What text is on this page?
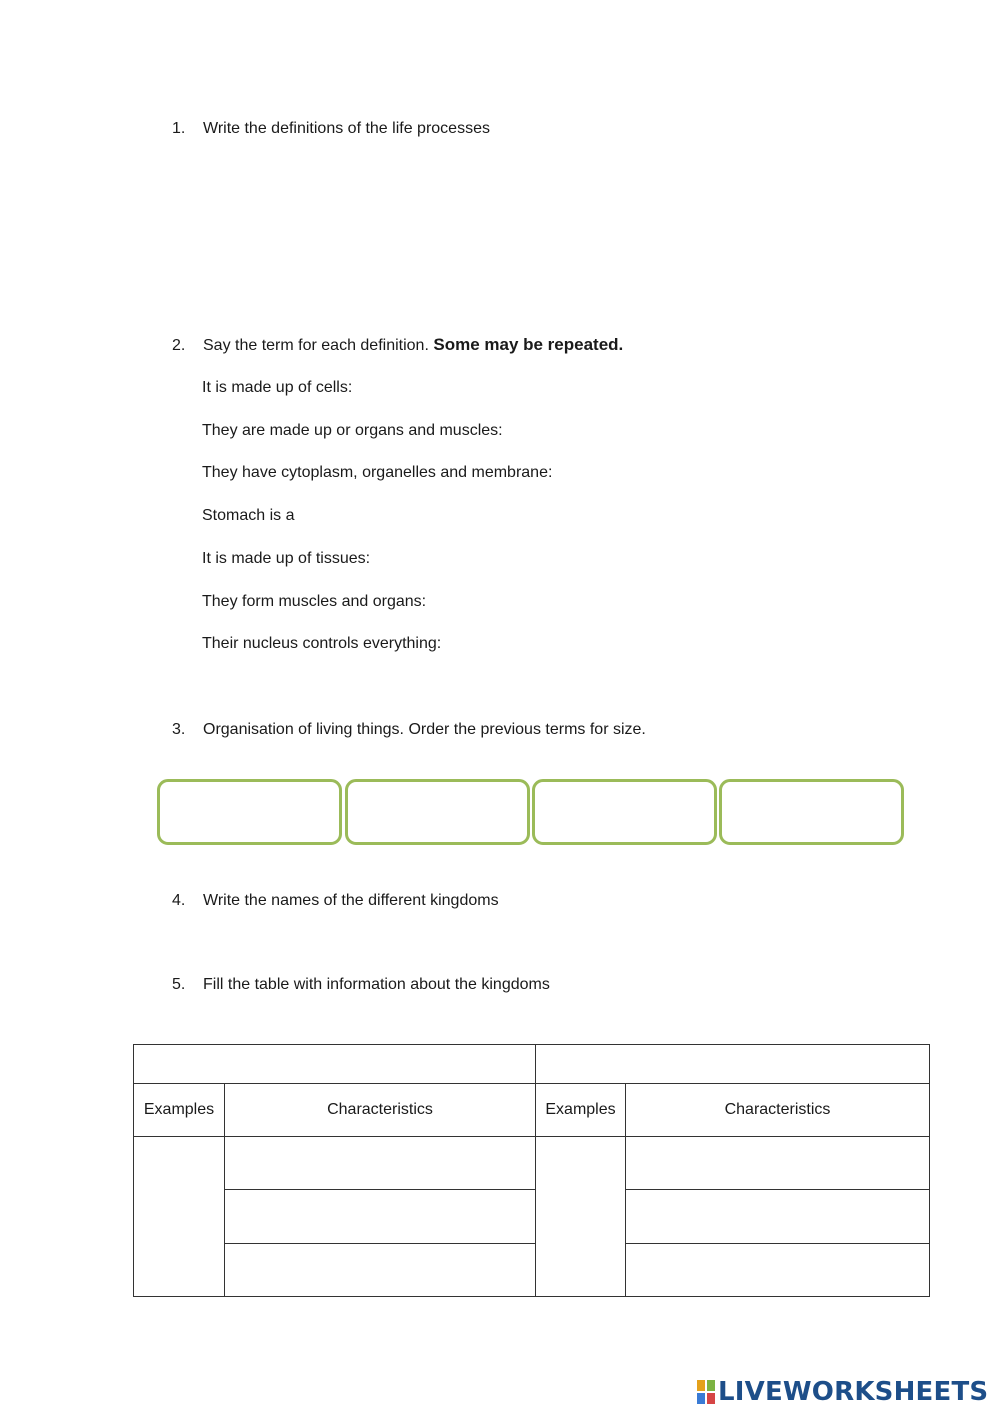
1. Write the definitions of the life processes
2. Say the term for each definition. Some may be repeated.
It is made up of cells:
They are made up or organs and muscles:
They have cytoplasm, organelles and membrane:
Stomach is a
It is made up of tissues:
They form muscles and organs:
Their nucleus controls everything:
3. Organisation of living things. Order the previous terms for size.
4. Write the names of the different kingdoms
5. Fill the table with information about the kingdoms

Examples	Characteristics	Examples	Characteristics

LIVEWORKSHEETS
